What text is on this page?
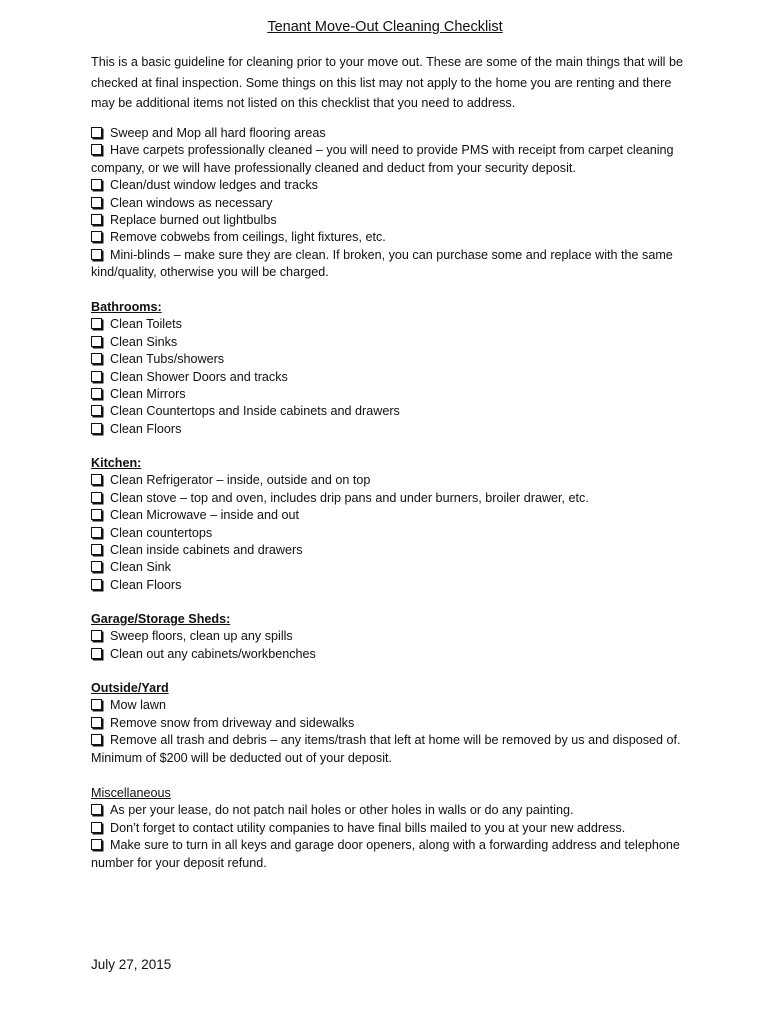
Tenant Move-Out Cleaning Checklist
This is a basic guideline for cleaning prior to your move out. These are some of the main things that will be checked at final inspection. Some things on this list may not apply to the home you are renting and there may be additional items not listed on this checklist that you need to address.
Sweep and Mop all hard flooring areas
Have carpets professionally cleaned – you will need to provide PMS with receipt from carpet cleaning company, or we will have professionally cleaned and deduct from your security deposit.
Clean/dust window ledges and tracks
Clean windows as necessary
Replace burned out lightbulbs
Remove cobwebs from ceilings, light fixtures, etc.
Mini-blinds – make sure they are clean. If broken, you can purchase some and replace with the same kind/quality, otherwise you will be charged.
Bathrooms:
Clean Toilets
Clean Sinks
Clean Tubs/showers
Clean Shower Doors and tracks
Clean Mirrors
Clean Countertops and Inside cabinets and drawers
Clean Floors
Kitchen:
Clean Refrigerator – inside, outside and on top
Clean stove – top and oven, includes drip pans and under burners, broiler drawer, etc.
Clean Microwave – inside and out
Clean countertops
Clean inside cabinets and drawers
Clean Sink
Clean Floors
Garage/Storage Sheds:
Sweep floors, clean up any spills
Clean out any cabinets/workbenches
Outside/Yard
Mow lawn
Remove snow from driveway and sidewalks
Remove all trash and debris – any items/trash that left at home will be removed by us and disposed of. Minimum of $200 will be deducted out of your deposit.
Miscellaneous
As per your lease, do not patch nail holes or other holes in walls or do any painting.
Don’t forget to contact utility companies to have final bills mailed to you at your new address.
Make sure to turn in all keys and garage door openers, along with a forwarding address and telephone number for your deposit refund.
July 27, 2015
